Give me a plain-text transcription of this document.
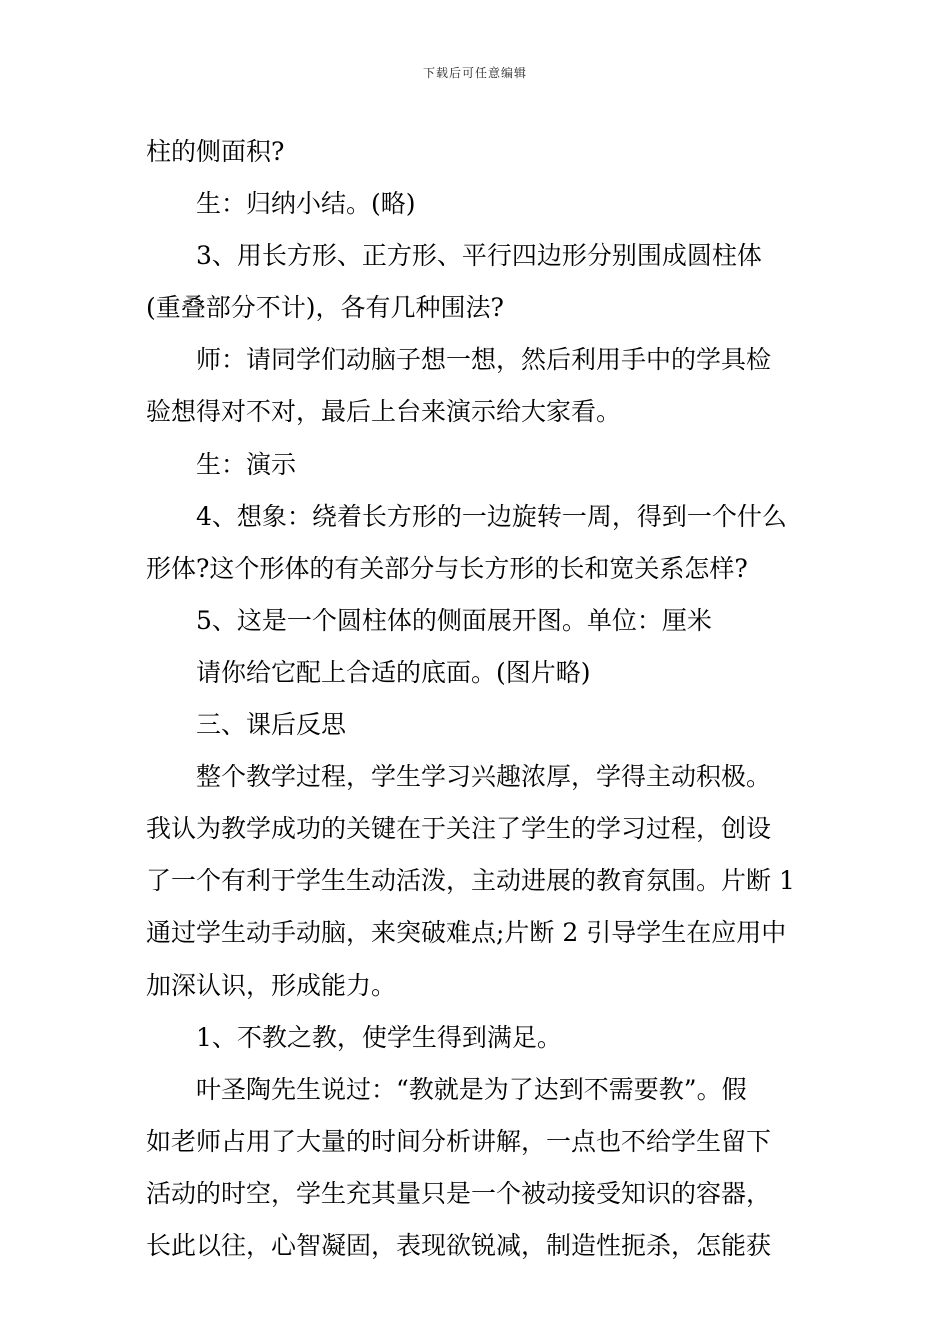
下载后可任意编辑
柱的侧面积?
生：归纳小结。(略)
3、用长方形、正方形、平行四边形分别围成圆柱体
(重叠部分不计)，各有几种围法?
师：请同学们动脑子想一想，然后利用手中的学具检
验想得对不对，最后上台来演示给大家看。
生：演示
4、想象：绕着长方形的一边旋转一周，得到一个什么
形体?这个形体的有关部分与长方形的长和宽关系怎样?
5、这是一个圆柱体的侧面展开图。单位：厘米
请你给它配上合适的底面。(图片略)
三、课后反思
整个教学过程，学生学习兴趣浓厚，学得主动积极。
我认为教学成功的关键在于关注了学生的学习过程，创设
了一个有利于学生生动活泼，主动进展的教育氛围。片断 1
通过学生动手动脑，来突破难点;片断 2 引导学生在应用中
加深认识，形成能力。
1、不教之教，使学生得到满足。
叶圣陶先生说过：“教就是为了达到不需要教”。假
如老师占用了大量的时间分析讲解，一点也不给学生留下
活动的时空，学生充其量只是一个被动接受知识的容器，
长此以往，心智凝固，表现欲锐减，制造性扼杀，怎能获
